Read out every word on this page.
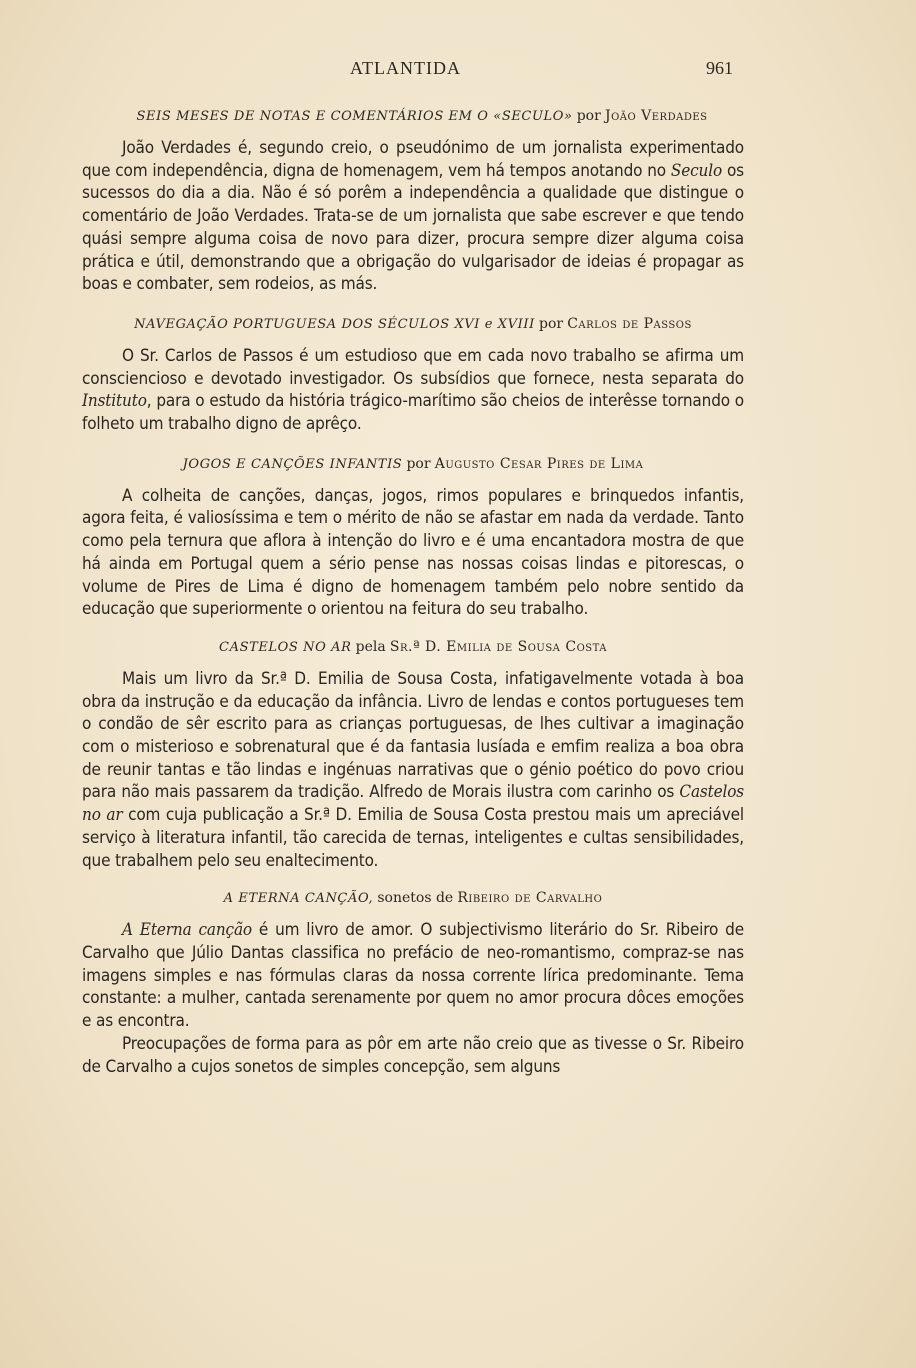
ATLANTIDA	961

SEIS MESES DE NOTAS E COMENTÁRIOS EM O «SECULO» por João Verdades

João Verdades é, segundo creio, o pseudónimo de um jornalista experimentado que com independência, digna de homenagem, vem há tempos anotando no Seculo os sucessos do dia a dia. Não é só porêm a independência a qualidade que distingue o comentário de João Verdades. Trata-se de um jornalista que sabe escrever e que tendo quási sempre alguma coisa de novo para dizer, procura sempre dizer alguma coisa prática e útil, demonstrando que a obrigação do vulgarisador de ideias é propagar as boas e combater, sem rodeios, as más.

NAVEGAÇÃO PORTUGUESA DOS SÉCULOS XVI e XVIII por Carlos de Passos

O Sr. Carlos de Passos é um estudioso que em cada novo trabalho se afirma um consciencioso e devotado investigador. Os subsídios que fornece, nesta separata do Instituto, para o estudo da história trágico-marítimo são cheios de interêsse tornando o folheto um trabalho digno de aprêço.

JOGOS E CANÇÕES INFANTIS por Augusto Cesar Pires de Lima

A colheita de canções, danças, jogos, rimos populares e brinquedos infantis, agora feita, é valiosíssima e tem o mérito de não se afastar em nada da verdade. Tanto como pela ternura que aflora à intenção do livro e é uma encantadora mostra de que há ainda em Portugal quem a sério pense nas nossas coisas lindas e pitorescas, o volume de Pires de Lima é digno de homenagem também pelo nobre sentido da educação que superiormente o orientou na feitura do seu trabalho.

CASTELOS NO AR pela Sr.ª D. Emilia de Sousa Costa

Mais um livro da Sr.ª D. Emilia de Sousa Costa, infatigavelmente votada à boa obra da instrução e da educação da infância. Livro de lendas e contos portugueses tem o condão de sêr escrito para as crianças portuguesas, de lhes cultivar a imaginação com o misterioso e sobrenatural que é da fantasia lusíada e emfim realiza a boa obra de reunir tantas e tão lindas e ingénuas narrativas que o génio poético do povo criou para não mais passarem da tradição. Alfredo de Morais ilustra com carinho os Castelos no ar com cuja publicação a Sr.ª D. Emilia de Sousa Costa prestou mais um apreciável serviço à literatura infantil, tão carecida de ternas, inteligentes e cultas sensibilidades, que trabalhem pelo seu enaltecimento.

A ETERNA CANÇÃO, sonetos de Ribeiro de Carvalho

A Eterna canção é um livro de amor. O subjectivismo literário do Sr. Ribeiro de Carvalho que Júlio Dantas classifica no prefácio de neo-romantismo, compraz-se nas imagens simples e nas fórmulas claras da nossa corrente lírica predominante. Tema constante: a mulher, cantada serenamente por quem no amor procura dôces emoções e as encontra.

Preocupações de forma para as pôr em arte não creio que as tivesse o Sr. Ribeiro de Carvalho a cujos sonetos de simples concepção, sem alguns
